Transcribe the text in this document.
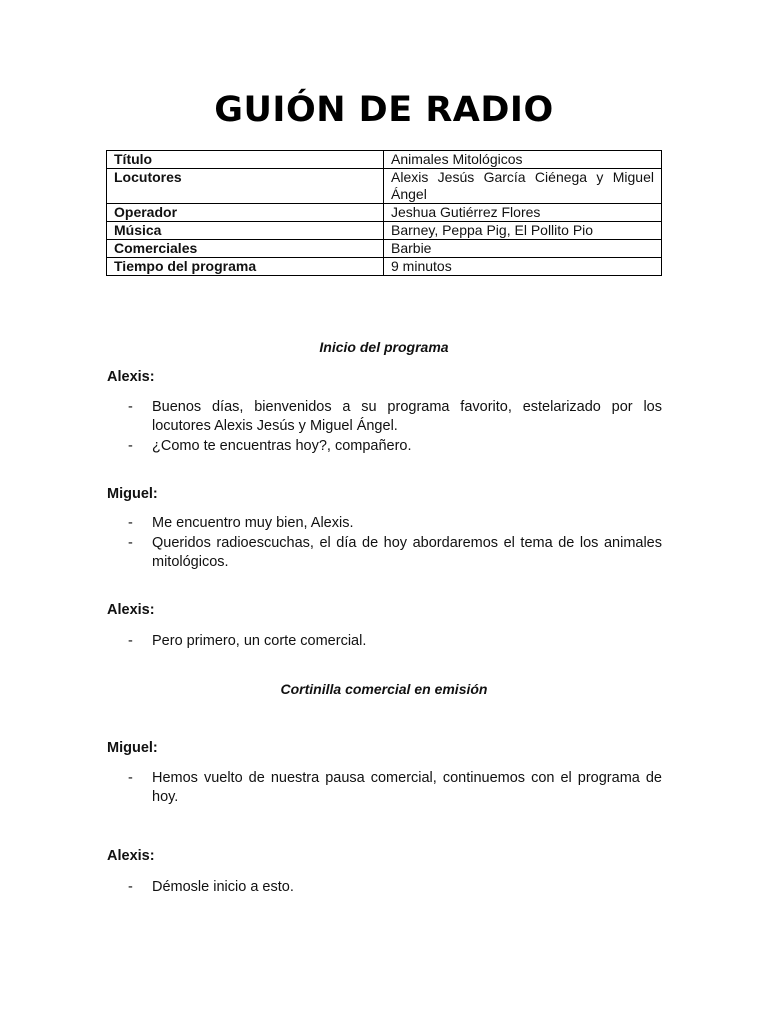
GUIÓN DE RADIO
Título	Animales Mitológicos
Locutores	Alexis Jesús García Ciénega y Miguel Ángel
Operador	Jeshua Gutiérrez Flores
Música	Barney, Peppa Pig, El Pollito Pio
Comerciales	Barbie
Tiempo del programa	9 minutos
Inicio del programa
Alexis:
- Buenos días, bienvenidos a su programa favorito, estelarizado por los locutores Alexis Jesús y Miguel Ángel.
- ¿Como te encuentras hoy?, compañero.
Miguel:
- Me encuentro muy bien, Alexis.
- Queridos radioescuchas, el día de hoy abordaremos el tema de los animales mitológicos.
Alexis:
- Pero primero, un corte comercial.
Cortinilla comercial en emisión
Miguel:
- Hemos vuelto de nuestra pausa comercial, continuemos con el programa de hoy.
Alexis:
- Démosle inicio a esto.
